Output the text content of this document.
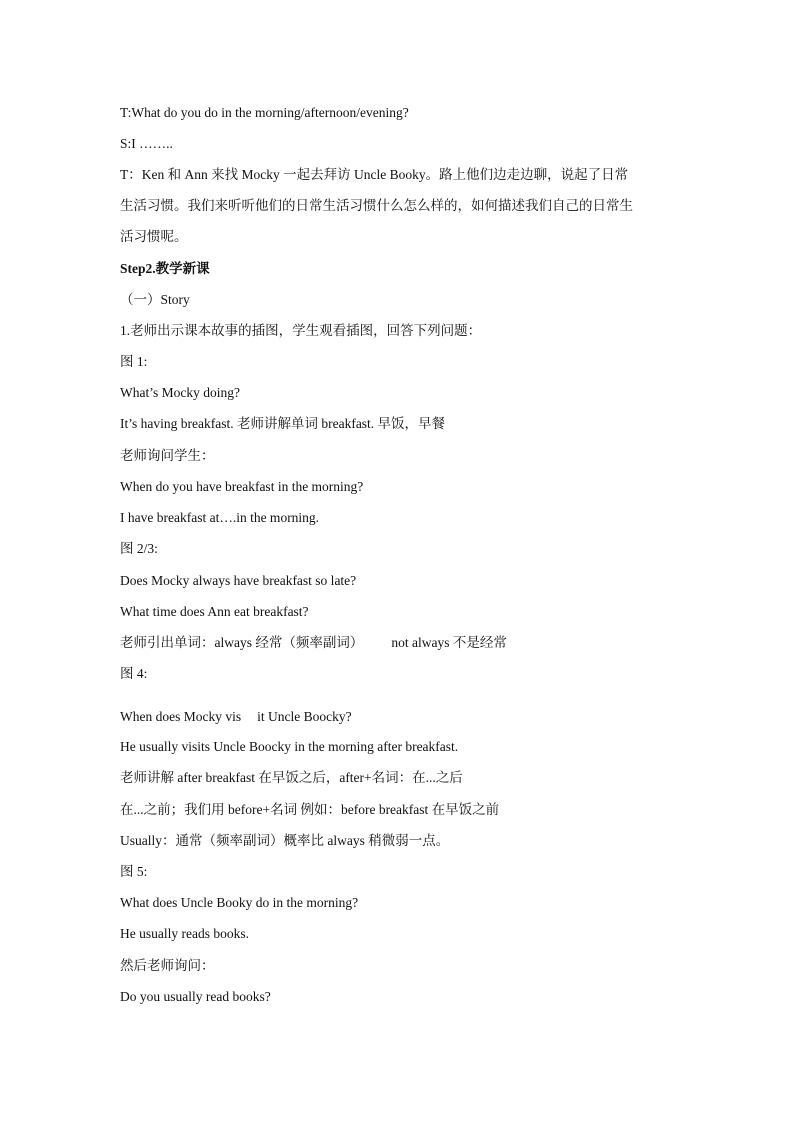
T:What do you do in the morning/afternoon/evening?
S:I ……..
T：Ken 和 Ann 来找 Mocky 一起去拜访 Uncle Booky。路上他们边走边聊，说起了日常
生活习惯。我们来听听他们的日常生活习惯什么怎么样的，如何描述我们自己的日常生
活习惯呢。
Step2.教学新课
（一）Story
1.老师出示课本故事的插图，学生观看插图，回答下列问题：
图 1:
What’s Mocky doing?
It’s having breakfast. 老师讲解单词 breakfast. 早饭，早餐
老师询问学生：
When do you have breakfast in the morning?
I have breakfast at….in the morning.
图 2/3:
Does Mocky always have breakfast so late?
What time does Ann eat breakfast?
老师引出单词：always 经常（频率副词） not always 不是经常
图 4:
When does Mocky vis it Uncle Boocky?
He usually visits Uncle Boocky in the morning after breakfast.
老师讲解 after breakfast 在早饭之后，after+名词：在...之后
在...之前；我们用 before+名词 例如：before breakfast 在早饭之前
Usually：通常（频率副词）概率比 always 稍微弱一点。
图 5:
What does Uncle Booky do in the morning?
He usually reads books.
然后老师询问：
Do you usually read books?
